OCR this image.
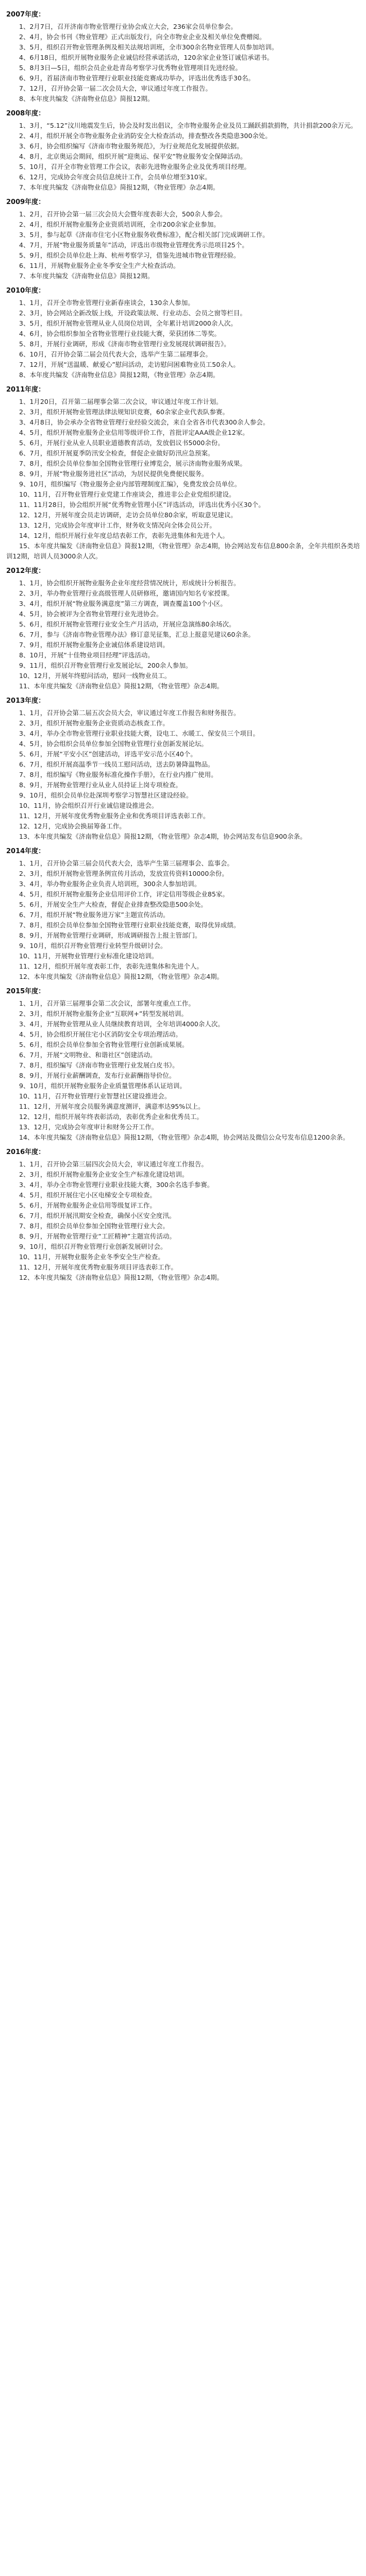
2007年度：

1、2月7日，召开济南市物业管理行业协会成立大会，236家会员单位参会。

2、4月，协会书刊《物业管理》正式出版发行，向全市物业企业及相关单位免费赠阅。

3、5月，组织召开物业管理条例及相关法规培训班，全市300余名物业管理人员参加培训。

4、6月18日，组织开展物业服务企业诚信经营承诺活动，120余家企业签订诚信承诺书。

5、8月3日—5日，组织会员企业赴青岛考察学习优秀物业管理项目先进经验。

6、9月，首届济南市物业管理行业职业技能竞赛成功举办，评选出优秀选手30名。

7、12月，召开协会第一届二次会员大会，审议通过年度工作报告。

8、本年度共编发《济南物业信息》简报12期。

2008年度：

1、3月，“5.12”汶川地震发生后，协会及时发出倡议，全市物业服务企业及员工踊跃捐款捐物，共计捐款200余万元。

2、4月，组织开展全市物业服务企业消防安全大检查活动，排查整改各类隐患300余处。

3、6月，协会组织编写《济南市物业服务规范》，为行业规范化发展提供依据。

4、8月，北京奥运会期间，组织开展“迎奥运、保平安”物业服务安全保障活动。

5、10月，召开全市物业管理工作会议，表彰先进物业服务企业及优秀项目经理。

6、12月，完成协会年度会员信息统计工作，会员单位增至310家。

7、本年度共编发《济南物业信息》简报12期，《物业管理》杂志4期。

2009年度：

1、2月，召开协会第一届三次会员大会暨年度表彰大会，500余人参会。

2、4月，组织开展物业服务企业资质培训班，全市200余家企业参加。

3、5月，参与起草《济南市住宅小区物业服务收费标准》，配合相关部门完成调研工作。

4、7月，开展“物业服务质量年”活动，评选出市级物业管理优秀示范项目25个。

5、9月，组织会员单位赴上海、杭州考察学习，借鉴先进城市物业管理经验。

6、11月，开展物业服务企业冬季安全生产大检查活动。

7、本年度共编发《济南物业信息》简报12期。

2010年度：

1、1月，召开全市物业管理行业新春座谈会，130余人参加。

2、3月，协会网站全新改版上线，开设政策法规、行业动态、会员之窗等栏目。

3、5月，组织开展物业管理从业人员岗位培训，全年累计培训2000余人次。

4、6月，协会组织参加全省物业管理行业技能大赛，荣获团体二等奖。

5、8月，开展行业调研，形成《济南市物业管理行业发展现状调研报告》。

6、10月，召开协会第二届会员代表大会，选举产生第二届理事会。

7、12月，开展“送温暖、献爱心”慰问活动，走访慰问困难物业员工50余人。

8、本年度共编发《济南物业信息》简报12期，《物业管理》杂志4期。

2011年度：

1、1月20日，召开第二届理事会第二次会议，审议通过年度工作计划。

2、3月，组织开展物业管理法律法规知识竞赛，60余家企业代表队参赛。

3、4月8日，协会承办全省物业管理行业经验交流会，来自全省各市代表300余人参会。

4、5月，组织开展物业服务企业信用等级评价工作，首批评定AAA级企业12家。

5、6月，开展行业从业人员职业道德教育活动，发放倡议书5000余份。

6、7月，组织开展夏季防汛安全检查，督促企业做好防汛应急预案。

7、8月，组织会员单位参加全国物业管理行业博览会，展示济南物业服务成果。

8、9月，开展“物业服务进社区”活动，为居民提供免费便民服务。

9、10月，组织编写《物业服务企业内部管理制度汇编》，免费发放会员单位。

10、11月，召开物业管理行业党建工作座谈会，推进非公企业党组织建设。

11、11月28日，协会组织开展“优秀物业管理小区”评选活动，评选出优秀小区30个。

12、12月，开展年度会员走访调研，走访会员单位80余家，听取意见建议。

13、12月，完成协会年度审计工作，财务收支情况向全体会员公开。

14、12月，组织开展行业年度总结表彰工作，表彰先进集体和先进个人。

15、本年度共编发《济南物业信息》简报12期，《物业管理》杂志4期，协会网站发布信息800余条，全年共组织各类培训12期，培训人员3000余人次。

2012年度：

1、1月，协会组织开展物业服务企业年度经营情况统计，形成统计分析报告。

2、3月，举办物业管理行业高级管理人员研修班，邀请国内知名专家授课。

3、4月，组织开展“物业服务满意度”第三方调查，调查覆盖100个小区。

4、5月，协会被评为全省物业管理行业先进协会。

5、6月，组织开展物业管理行业安全生产月活动，开展应急演练80余场次。

6、7月，参与《济南市物业管理办法》修订意见征集，汇总上报意见建议60余条。

7、9月，组织开展物业服务企业诚信体系建设培训。

8、10月，开展“十佳物业项目经理”评选活动。

9、11月，组织召开物业管理行业发展论坛，200余人参加。

10、12月，开展年终慰问活动，慰问一线物业员工。

11、本年度共编发《济南物业信息》简报12期，《物业管理》杂志4期。

2013年度：

1、1月，召开协会第二届五次会员大会，审议通过年度工作报告和财务报告。

2、3月，组织开展物业服务企业资质动态核查工作。

3、4月，举办全市物业管理行业职业技能大赛，设电工、水暖工、保安员三个项目。

4、5月，协会组织会员单位参加全国物业管理行业创新发展论坛。

5、6月，开展“平安小区”创建活动，评选平安示范小区40个。

6、7月，组织开展高温季节一线员工慰问活动，送去防暑降温物品。

7、8月，组织编写《物业服务标准化操作手册》，在行业内推广使用。

8、9月，开展物业管理行业从业人员持证上岗专项检查。

9、10月，组织会员单位赴深圳考察学习智慧社区建设经验。

10、11月，协会组织召开行业诚信建设推进会。

11、12月，开展年度优秀物业服务企业和优秀项目评选表彰工作。

12、12月，完成协会换届筹备工作。

13、本年度共编发《济南物业信息》简报12期，《物业管理》杂志4期，协会网站发布信息900余条。

2014年度：

1、1月，召开协会第三届会员代表大会，选举产生第三届理事会、监事会。

2、3月，组织开展物业管理条例宣传月活动，发放宣传资料10000余份。

3、4月，举办物业服务企业负责人培训班，300余人参加培训。

4、5月，组织开展物业服务企业信用评价工作，评定信用等级企业85家。

5、6月，开展安全生产大检查，督促企业排查整改隐患500余处。

6、7月，组织开展“物业服务进万家”主题宣传活动。

7、8月，组织会员单位参加全国物业管理行业职业技能竞赛，取得优异成绩。

8、9月，开展物业管理行业调研，形成调研报告上报主管部门。

9、10月，组织召开物业管理行业转型升级研讨会。

10、11月，开展物业管理行业标准化建设培训。

11、12月，组织开展年度表彰工作，表彰先进集体和先进个人。

12、本年度共编发《济南物业信息》简报12期，《物业管理》杂志4期。

2015年度：

1、1月，召开第三届理事会第二次会议，部署年度重点工作。

2、3月，组织开展物业服务企业“互联网+”转型发展培训。

3、4月，开展物业管理从业人员继续教育培训，全年培训4000余人次。

4、5月，协会组织开展住宅小区消防安全专项治理活动。

5、6月，组织会员单位参加全省物业管理行业创新成果展。

6、7月，开展“文明物业、和谐社区”创建活动。

7、8月，组织编写《济南市物业管理行业发展白皮书》。

8、9月，开展行业薪酬调查，发布行业薪酬指导价位。

9、10月，组织开展物业服务企业质量管理体系认证培训。

10、11月，召开物业管理行业智慧社区建设推进会。

11、12月，开展年度会员服务满意度测评，满意率达95%以上。

12、12月，组织开展年终表彰活动，表彰优秀企业和优秀员工。

13、12月，完成协会年度审计和财务公开工作。

14、本年度共编发《济南物业信息》简报12期，《物业管理》杂志4期，协会网站及微信公众号发布信息1200余条。

2016年度：

1、1月，召开协会第三届四次会员大会，审议通过年度工作报告。

2、3月，组织开展物业服务企业安全生产标准化建设培训。

3、4月，举办全市物业管理行业职业技能大赛，300余名选手参赛。

4、5月，组织开展住宅小区电梯安全专项检查。

5、6月，开展物业服务企业信用等级复评工作。

6、7月，组织开展汛期安全检查，确保小区安全度汛。

7、8月，组织会员单位参加全国物业管理行业大会。

8、9月，开展物业管理行业“工匠精神”主题宣传活动。

9、10月，组织召开物业管理行业创新发展研讨会。

10、11月，开展物业服务企业冬季安全生产检查。

11、12月，开展年度优秀物业服务项目评选表彰工作。

12、本年度共编发《济南物业信息》简报12期，《物业管理》杂志4期。
